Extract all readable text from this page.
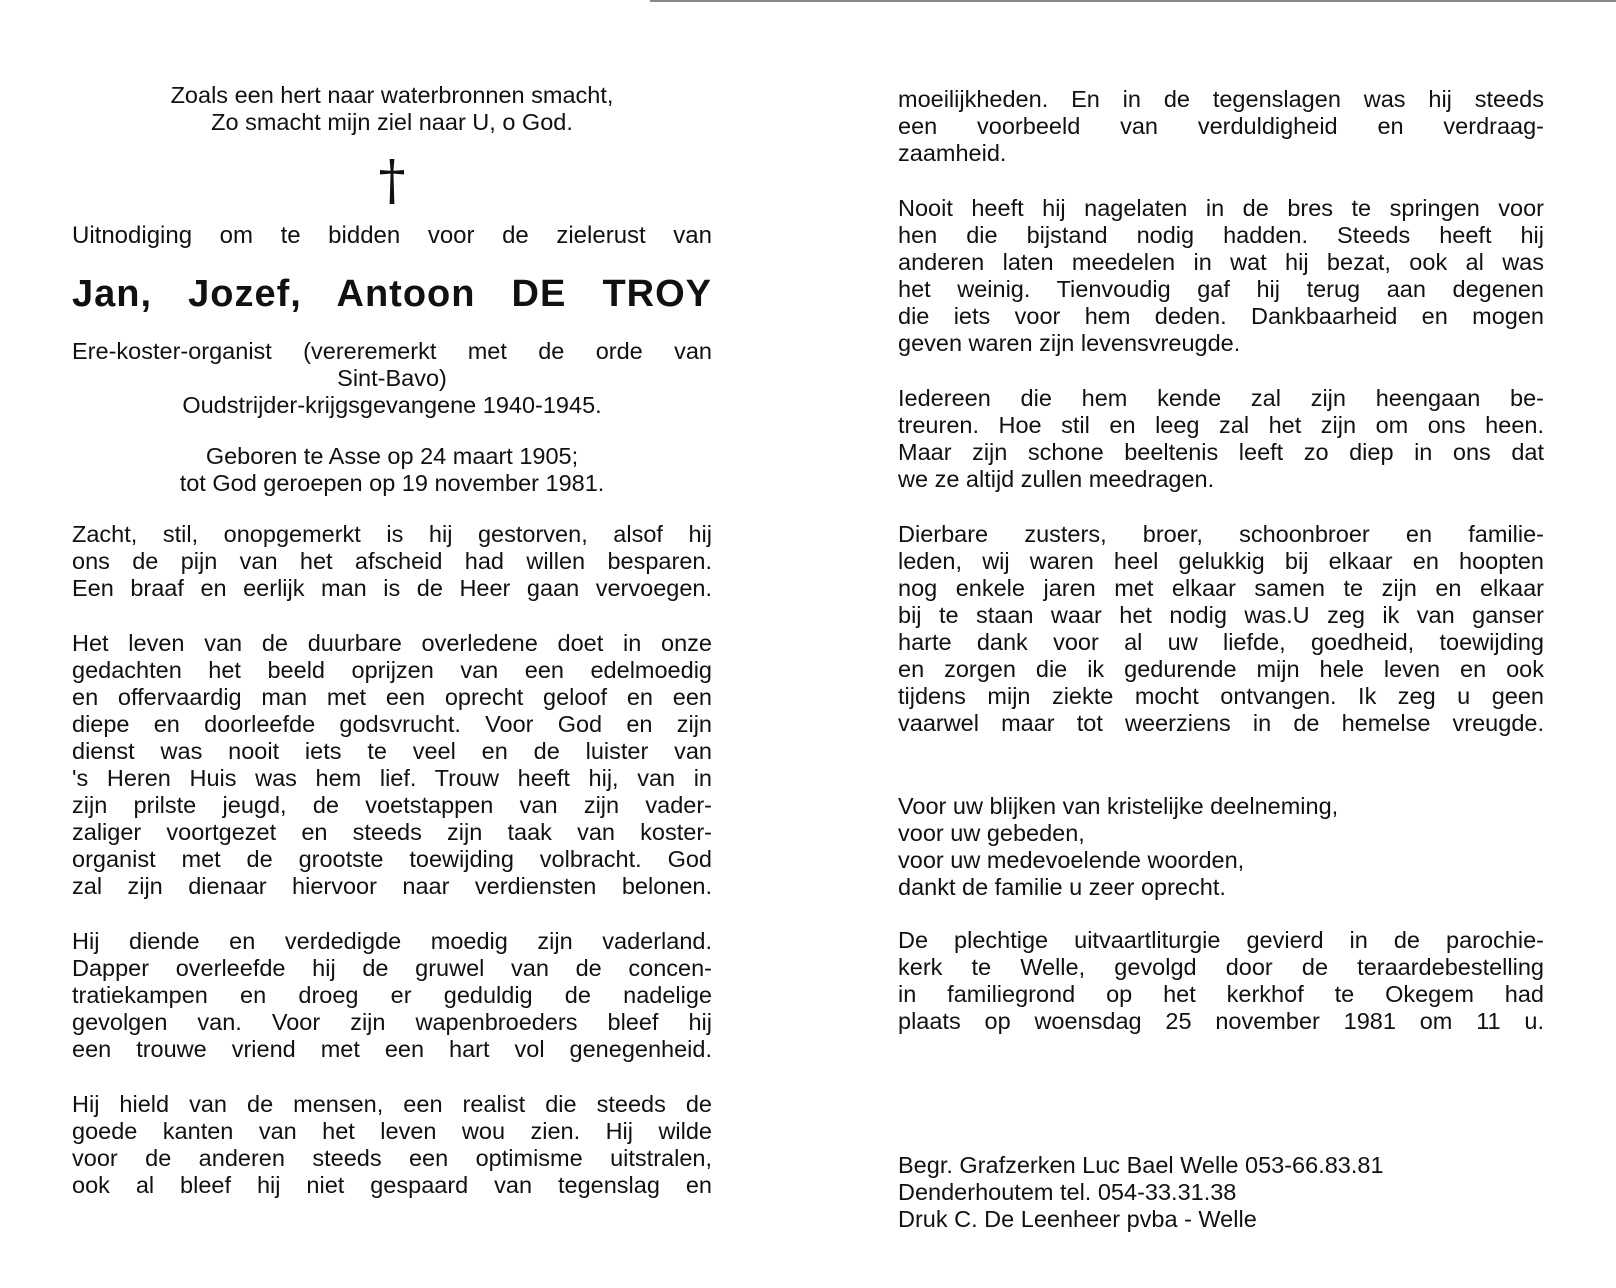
Zoals een hert naar waterbronnen smacht,
Zo smacht mijn ziel naar U, o God.
†
Uitnodiging om te bidden voor de zielerust van
Jan, Jozef, Antoon DE TROY
Ere-koster-organist (vereremerkt met de orde van
Sint-Bavo)
Oudstrijder-krijgsgevangene 1940-1945.
Geboren te Asse op 24 maart 1905;
tot God geroepen op 19 november 1981.
Zacht, stil, onopgemerkt is hij gestorven, alsof hij
ons de pijn van het afscheid had willen besparen.
Een braaf en eerlijk man is de Heer gaan vervoegen.
Het leven van de duurbare overledene doet in onze
gedachten het beeld oprijzen van een edelmoedig
en offervaardig man met een oprecht geloof en een
diepe en doorleefde godsvrucht. Voor God en zijn
dienst was nooit iets te veel en de luister van
's Heren Huis was hem lief. Trouw heeft hij, van in
zijn prilste jeugd, de voetstappen van zijn vader-
zaliger voortgezet en steeds zijn taak van koster-
organist met de grootste toewijding volbracht. God
zal zijn dienaar hiervoor naar verdiensten belonen.
Hij diende en verdedigde moedig zijn vaderland.
Dapper overleefde hij de gruwel van de concen-
tratiekampen en droeg er geduldig de nadelige
gevolgen van. Voor zijn wapenbroeders bleef hij
een trouwe vriend met een hart vol genegenheid.
Hij hield van de mensen, een realist die steeds de
goede kanten van het leven wou zien. Hij wilde
voor de anderen steeds een optimisme uitstralen,
ook al bleef hij niet gespaard van tegenslag en
moeilijkheden. En in de tegenslagen was hij steeds
een voorbeeld van verduldigheid en verdraag-
zaamheid.
Nooit heeft hij nagelaten in de bres te springen voor
hen die bijstand nodig hadden. Steeds heeft hij
anderen laten meedelen in wat hij bezat, ook al was
het weinig. Tienvoudig gaf hij terug aan degenen
die iets voor hem deden. Dankbaarheid en mogen
geven waren zijn levensvreugde.
Iedereen die hem kende zal zijn heengaan be-
treuren. Hoe stil en leeg zal het zijn om ons heen.
Maar zijn schone beeltenis leeft zo diep in ons dat
we ze altijd zullen meedragen.
Dierbare zusters, broer, schoonbroer en familie-
leden, wij waren heel gelukkig bij elkaar en hoopten
nog enkele jaren met elkaar samen te zijn en elkaar
bij te staan waar het nodig was.U zeg ik van ganser
harte dank voor al uw liefde, goedheid, toewijding
en zorgen die ik gedurende mijn hele leven en ook
tijdens mijn ziekte mocht ontvangen. Ik zeg u geen
vaarwel maar tot weerziens in de hemelse vreugde.
Voor uw blijken van kristelijke deelneming,
voor uw gebeden,
voor uw medevoelende woorden,
dankt de familie u zeer oprecht.
De plechtige uitvaartliturgie gevierd in de parochie-
kerk te Welle, gevolgd door de teraardebestelling
in familiegrond op het kerkhof te Okegem had
plaats op woensdag 25 november 1981 om 11 u.
Begr. Grafzerken Luc Bael Welle 053-66.83.81
Denderhoutem tel. 054-33.31.38
Druk C. De Leenheer pvba - Welle
